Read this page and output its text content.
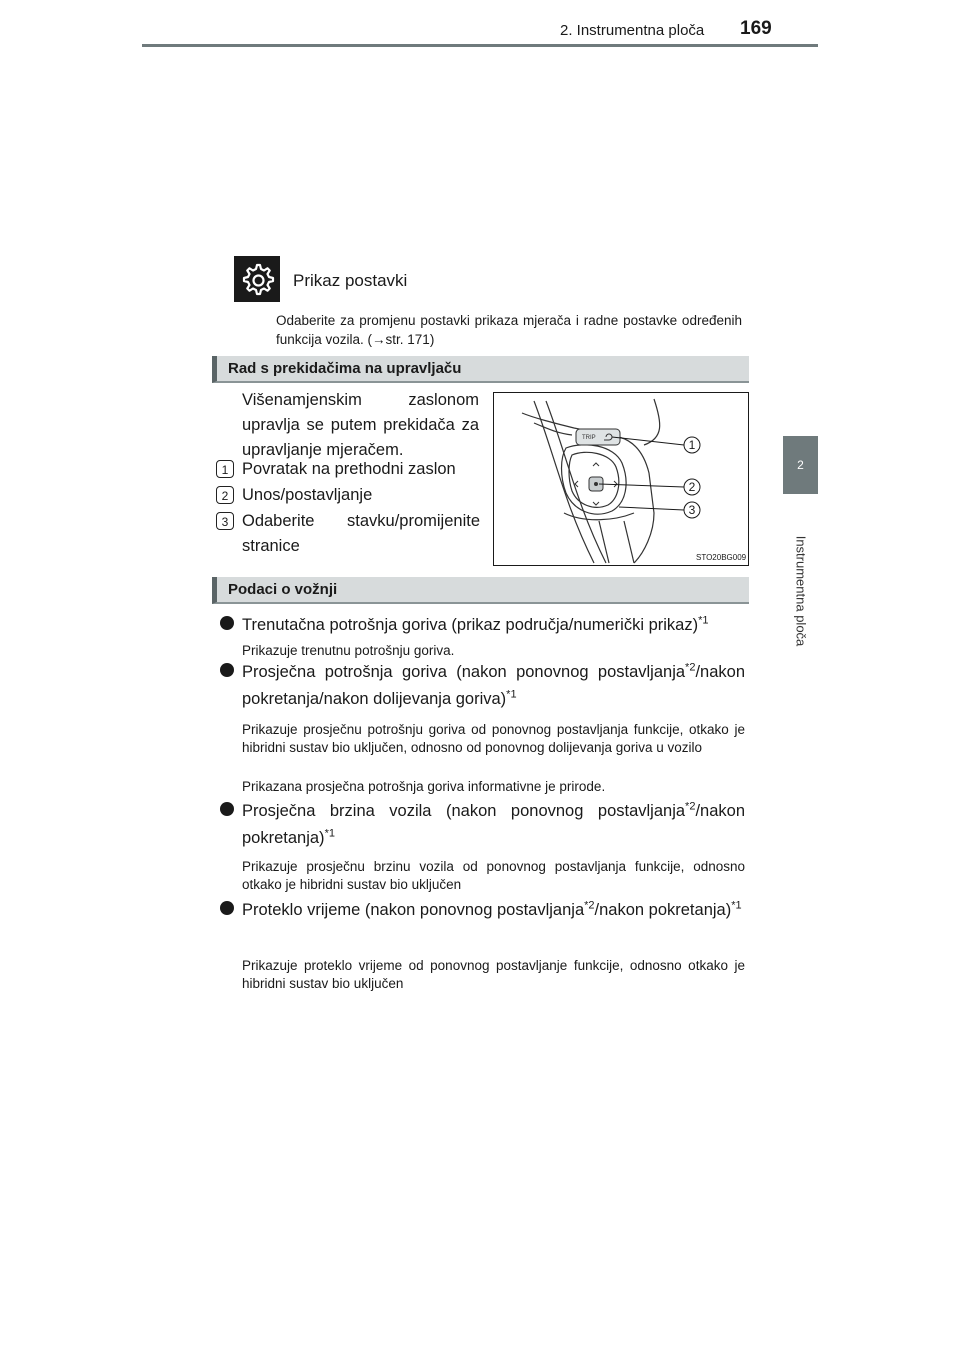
2. Instrumentna ploča 169
2
Instrumentna ploča
Prikaz postavki
Odaberite za promjenu postavki prikaza mjerača i radne postavke određenih funkcija vozila. (→str. 171)
Rad s prekidačima na upravljaču
Višenamjenskim zaslonom upravlja se putem prekidača za upravljanje mjeračem.
1 Povratak na prethodni zaslon
2 Unos/postavljanje
3 Odaberite stavku/promijenite stranice
TRIP	1
2
3
STO20BG009
Podaci o vožnji
Trenutačna potrošnja goriva (prikaz područja/numerički prikaz)$^{*1}$
Prikazuje trenutnu potrošnju goriva.
Prosječna potrošnja goriva (nakon ponovnog postavljanja$^{*2}$/nakon pokretanja/nakon dolijevanja goriva)$^{*1}$
Prikazuje prosječnu potrošnju goriva od ponovnog postavljanja funkcije, otkako je hibridni sustav bio uključen, odnosno od ponovnog dolijevanja goriva u vozilo
Prikazana prosječna potrošnja goriva informativne je prirode.
Prosječna brzina vozila (nakon ponovnog postavljanja$^{*2}$/nakon pokretanja)$^{*1}$
Prikazuje prosječnu brzinu vozila od ponovnog postavljanja funkcije, odnosno otkako je hibridni sustav bio uključen
Proteklo vrijeme (nakon ponovnog postavljanja$^{*2}$/nakon pokretanja)$^{*1}$
Prikazuje proteklo vrijeme od ponovnog postavljanje funkcije, odnosno otkako je hibridni sustav bio uključen
